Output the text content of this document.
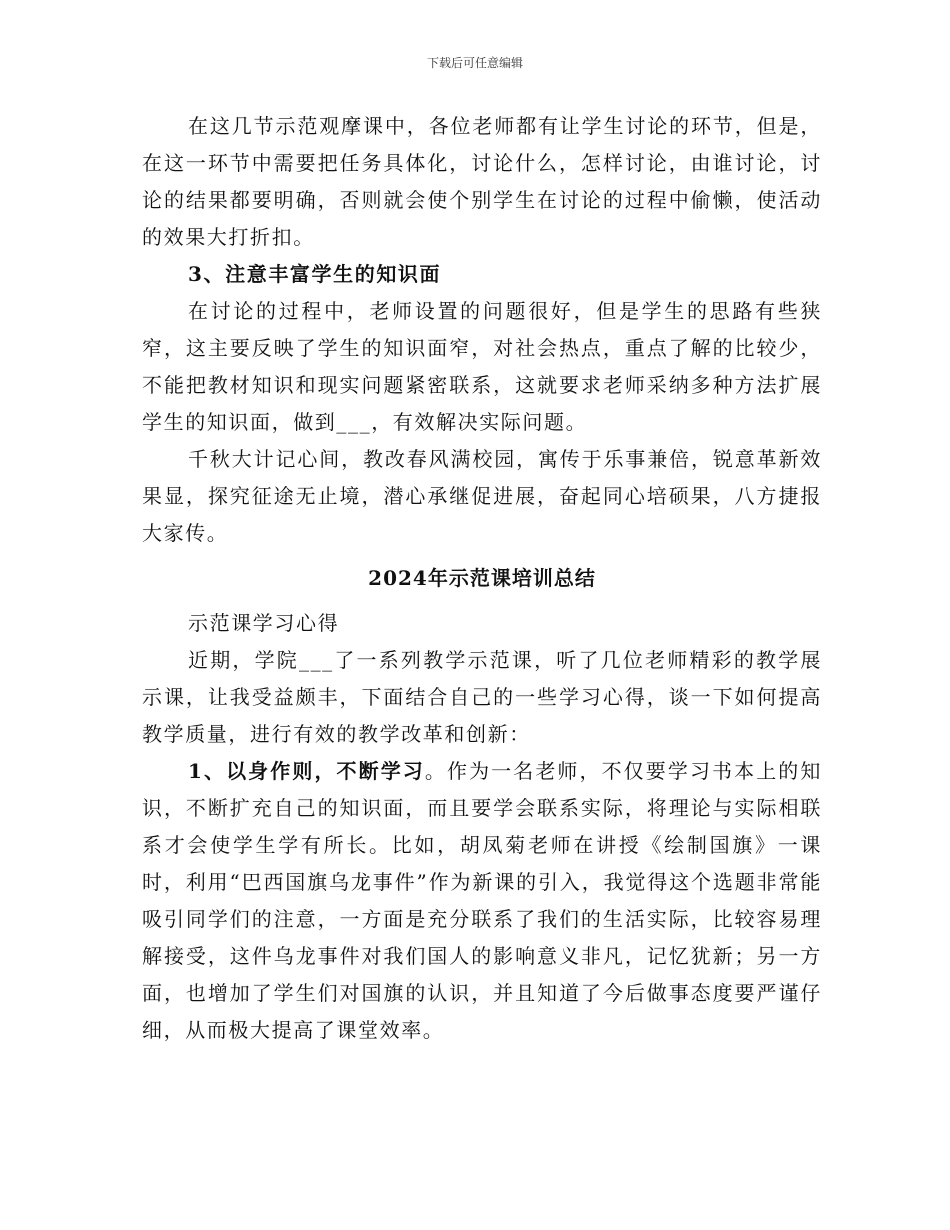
下载后可任意编辑

在这几节示范观摩课中，各位老师都有让学生讨论的环节，但是，在这一环节中需要把任务具体化，讨论什么，怎样讨论，由谁讨论，讨论的结果都要明确，否则就会使个别学生在讨论的过程中偷懒，使活动的效果大打折扣。

3、注意丰富学生的知识面

在讨论的过程中，老师设置的问题很好，但是学生的思路有些狭窄，这主要反映了学生的知识面窄，对社会热点，重点了解的比较少，不能把教材知识和现实问题紧密联系，这就要求老师采纳多种方法扩展学生的知识面，做到___，有效解决实际问题。

千秋大计记心间，教改春风满校园，寓传于乐事兼倍，锐意革新效果显，探究征途无止境，潜心承继促进展，奋起同心培硕果，八方捷报大家传。

2024年示范课培训总结

示范课学习心得

近期，学院___了一系列教学示范课，听了几位老师精彩的教学展示课，让我受益颇丰，下面结合自己的一些学习心得，谈一下如何提高教学质量，进行有效的教学改革和创新：

1、以身作则，不断学习。作为一名老师，不仅要学习书本上的知识，不断扩充自己的知识面，而且要学会联系实际，将理论与实际相联系才会使学生学有所长。比如，胡凤菊老师在讲授《绘制国旗》一课时，利用“巴西国旗乌龙事件”作为新课的引入，我觉得这个选题非常能吸引同学们的注意，一方面是充分联系了我们的生活实际，比较容易理解接受，这件乌龙事件对我们国人的影响意义非凡，记忆犹新；另一方面，也增加了学生们对国旗的认识，并且知道了今后做事态度要严谨仔细，从而极大提高了课堂效率。
